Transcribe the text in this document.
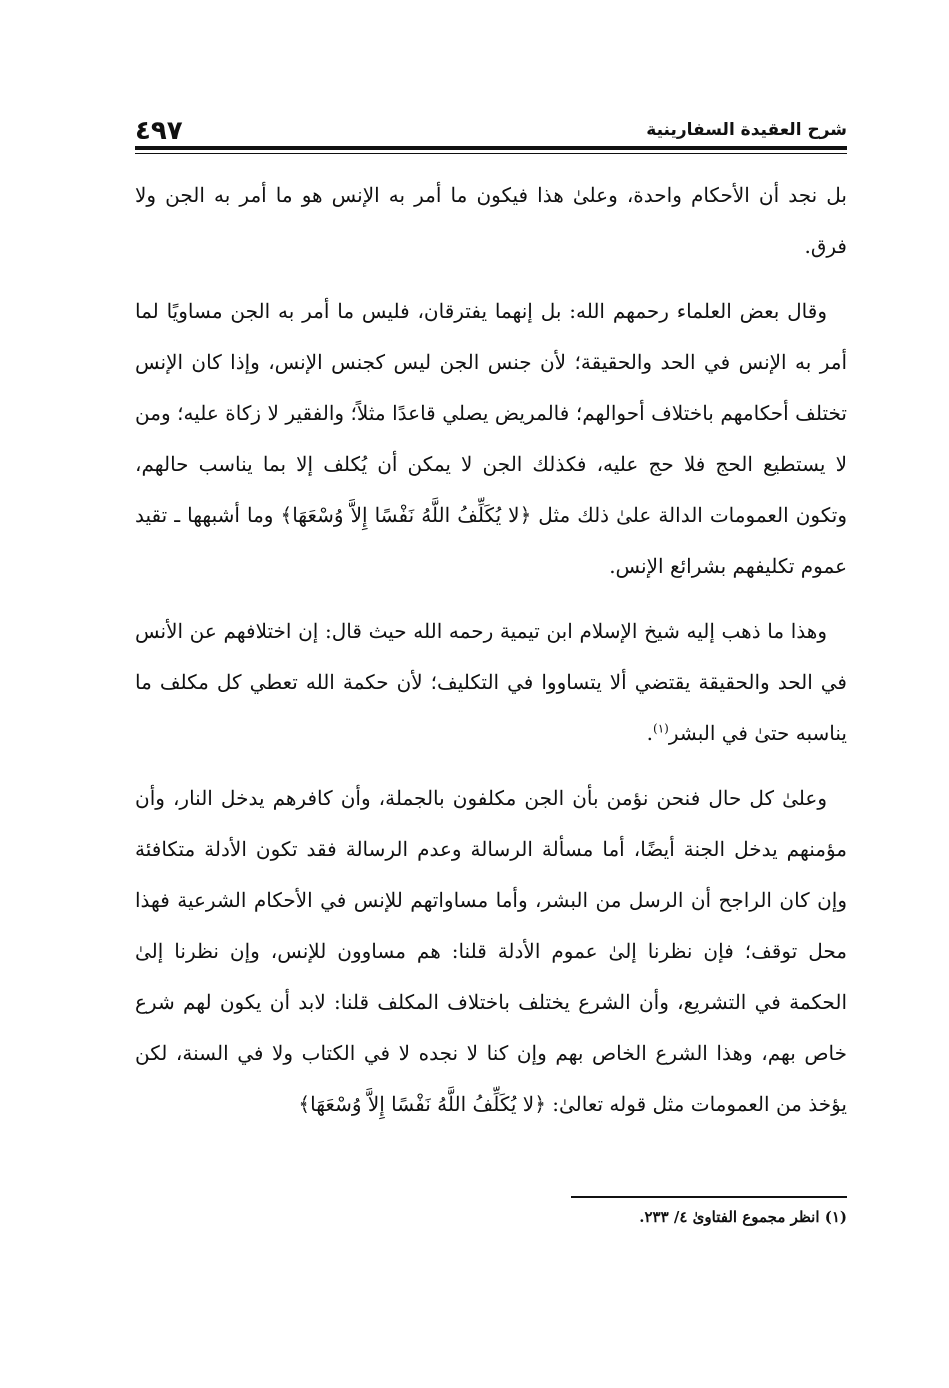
٤٩٧	شرح العقيدة السفارينية

بل نجد أن الأحكام واحدة، وعلىٰ هذا فيكون ما أمر به الإنس هو ما أمر به الجن ولا فرق.

وقال بعض العلماء رحمهم الله: بل إنهما يفترقان، فليس ما أمر به الجن مساويًا لما أمر به الإنس في الحد والحقيقة؛ لأن جنس الجن ليس كجنس الإنس، وإذا كان الإنس تختلف أحكامهم باختلاف أحوالهم؛ فالمريض يصلي قاعدًا مثلاً؛ والفقير لا زكاة عليه؛ ومن لا يستطيع الحج فلا حج عليه، فكذلك الجن لا يمكن أن يُكلف إلا بما يناسب حالهم، وتكون العمومات الدالة علىٰ ذلك مثل ﴿لا يُكَلِّفُ اللَّهُ نَفْسًا إِلاَّ وُسْعَهَا﴾ وما أشبهها ـ تقيد عموم تكليفهم بشرائع الإنس.

وهذا ما ذهب إليه شيخ الإسلام ابن تيمية رحمه الله حيث قال: إن اختلافهم عن الأنس في الحد والحقيقة يقتضي ألا يتساووا في التكليف؛ لأن حكمة الله تعطي كل مكلف ما يناسبه حتىٰ في البشر$^{(١)}$.

وعلىٰ كل حال فنحن نؤمن بأن الجن مكلفون بالجملة، وأن كافرهم يدخل النار، وأن مؤمنهم يدخل الجنة أيضًا، أما مسألة الرسالة وعدم الرسالة فقد تكون الأدلة متكافئة وإن كان الراجح أن الرسل من البشر، وأما مساواتهم للإنس في الأحكام الشرعية فهذا محل توقف؛ فإن نظرنا إلىٰ عموم الأدلة قلنا: هم مساوون للإنس، وإن نظرنا إلىٰ الحكمة في التشريع، وأن الشرع يختلف باختلاف المكلف قلنا: لابد أن يكون لهم شرع خاص بهم، وهذا الشرع الخاص بهم وإن كنا لا نجده لا في الكتاب ولا في السنة، لكن يؤخذ من العمومات مثل قوله تعالىٰ: ﴿لا يُكَلِّفُ اللَّهُ نَفْسًا إِلاَّ وُسْعَهَا﴾

(١) انظر مجموع الفتاوىٰ ٤/ ٢٣٣.
